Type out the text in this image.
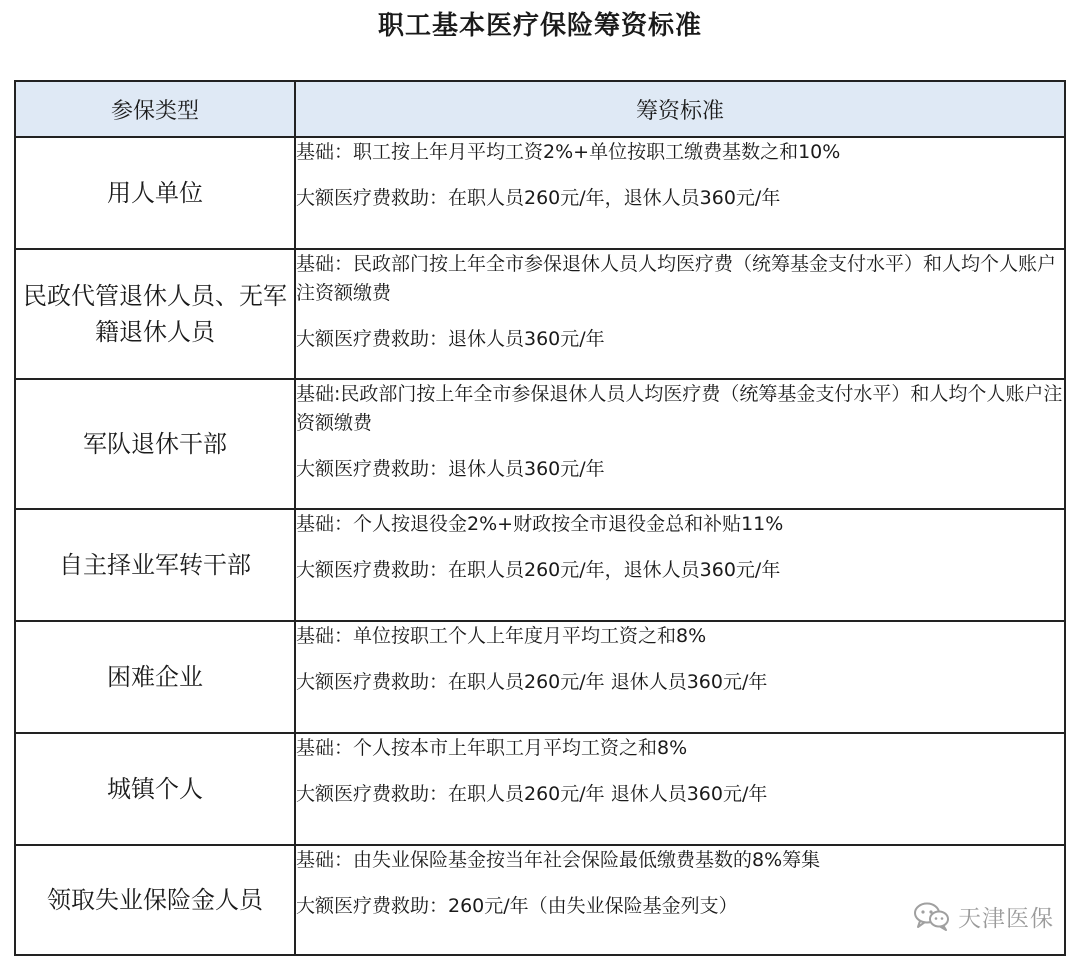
职工基本医疗保险筹资标准
参保类型	筹资标准
用人单位	基础：职工按上年月平均工资2%+单位按职工缴费基数之和10%
大额医疗费救助：在职人员260元/年，退休人员360元/年

民政代管退休人员、无军籍退休人员	基础：民政部门按上年全市参保退休人员人均医疗费（统筹基金支付水平）和人均个人账户注资额缴费
大额医疗费救助：退休人员360元/年

军队退休干部	基础:民政部门按上年全市参保退休人员人均医疗费（统筹基金支付水平）和人均个人账户注资额缴费
大额医疗费救助：退休人员360元/年

自主择业军转干部	基础：个人按退役金2%+财政按全市退役金总和补贴11%
大额医疗费救助：在职人员260元/年，退休人员360元/年

困难企业	基础：单位按职工个人上年度月平均工资之和8%
大额医疗费救助：在职人员260元/年 退休人员360元/年

城镇个人	基础：个人按本市上年职工月平均工资之和8%
大额医疗费救助：在职人员260元/年 退休人员360元/年

领取失业保险金人员	基础：由失业保险基金按当年社会保险最低缴费基数的8%筹集
大额医疗费救助：260元/年（由失业保险基金列支）	天津医保
